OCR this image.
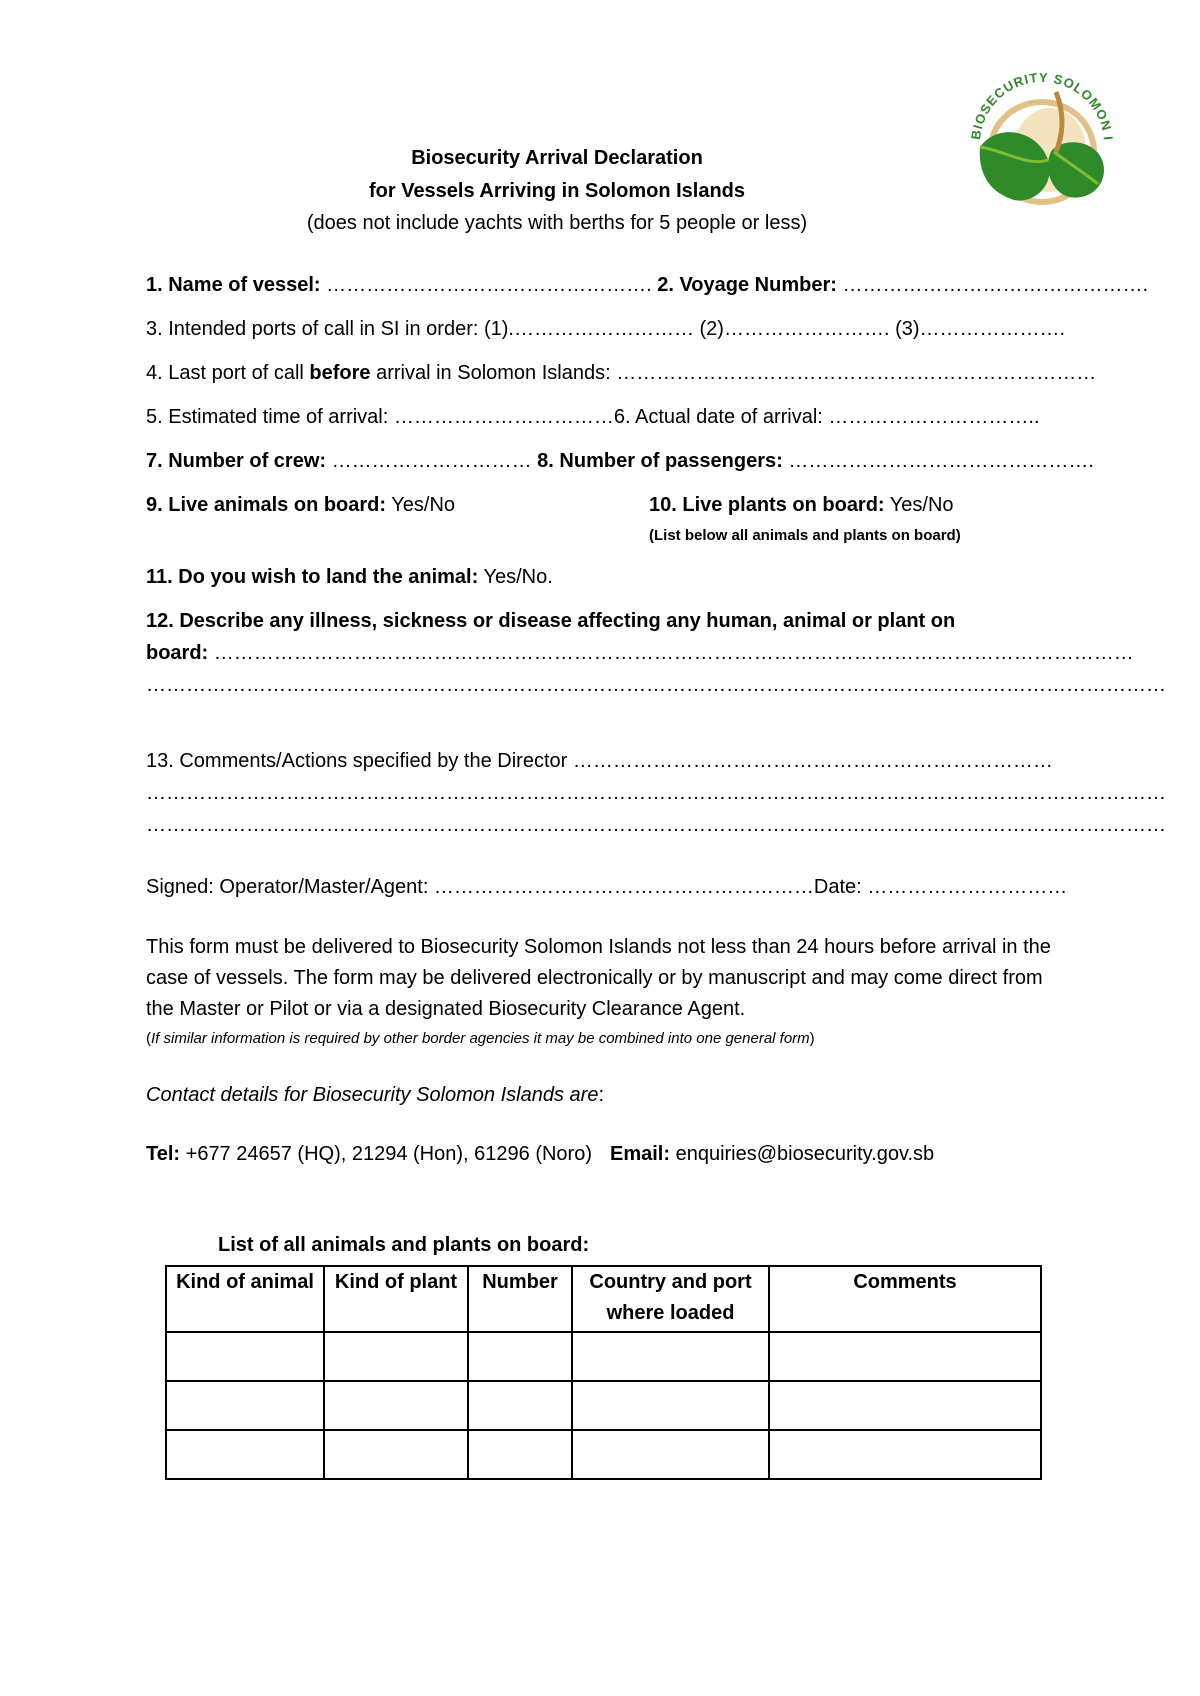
BIOSECURITY SOLOMON I
Biosecurity Arrival Declaration
for Vessels Arriving in Solomon Islands
(does not include yachts with berths for 5 people or less)
1. Name of vessel: …………………………………………. 2. Voyage Number: ……………………………………….
3. Intended ports of call in SI in order: (1).……………………… (2)……………………. (3)………………….
4. Last port of call before arrival in Solomon Islands: ………………………………………………………………
5. Estimated time of arrival: ……………………………6. Actual date of arrival: …………………………..
7. Number of crew: ………………………… 8. Number of passengers: ……………………………………….
9. Live animals on board: Yes/No	10. Live plants on board: Yes/No
(List below all animals and plants on board)
11. Do you wish to land the animal: Yes/No.
12. Describe any illness, sickness or disease affecting any human, animal or plant on
board: …………………………………………………………………………………………………………………………
………………………………………………………………………………………………………………………………………
13. Comments/Actions specified by the Director ………………………………………………………………
………………………………………………………………………………………………………………………………………
………………………………………………………………………………………………………………………………………
Signed: Operator/Master/Agent: …………………………………………………Date: …………………………
This form must be delivered to Biosecurity Solomon Islands not less than 24 hours before arrival in the case of vessels. The form may be delivered electronically or by manuscript and may come direct from the Master or Pilot or via a designated Biosecurity Clearance Agent.
(If similar information is required by other border agencies it may be combined into one general form)
Contact details for Biosecurity Solomon Islands are:
Tel: +677 24657 (HQ), 21294 (Hon), 61296 (Noro) Email: enquiries@biosecurity.gov.sb
List of all animals and plants on board:
Kind of animal	Kind of plant	Number	Country and port where loaded	Comments
